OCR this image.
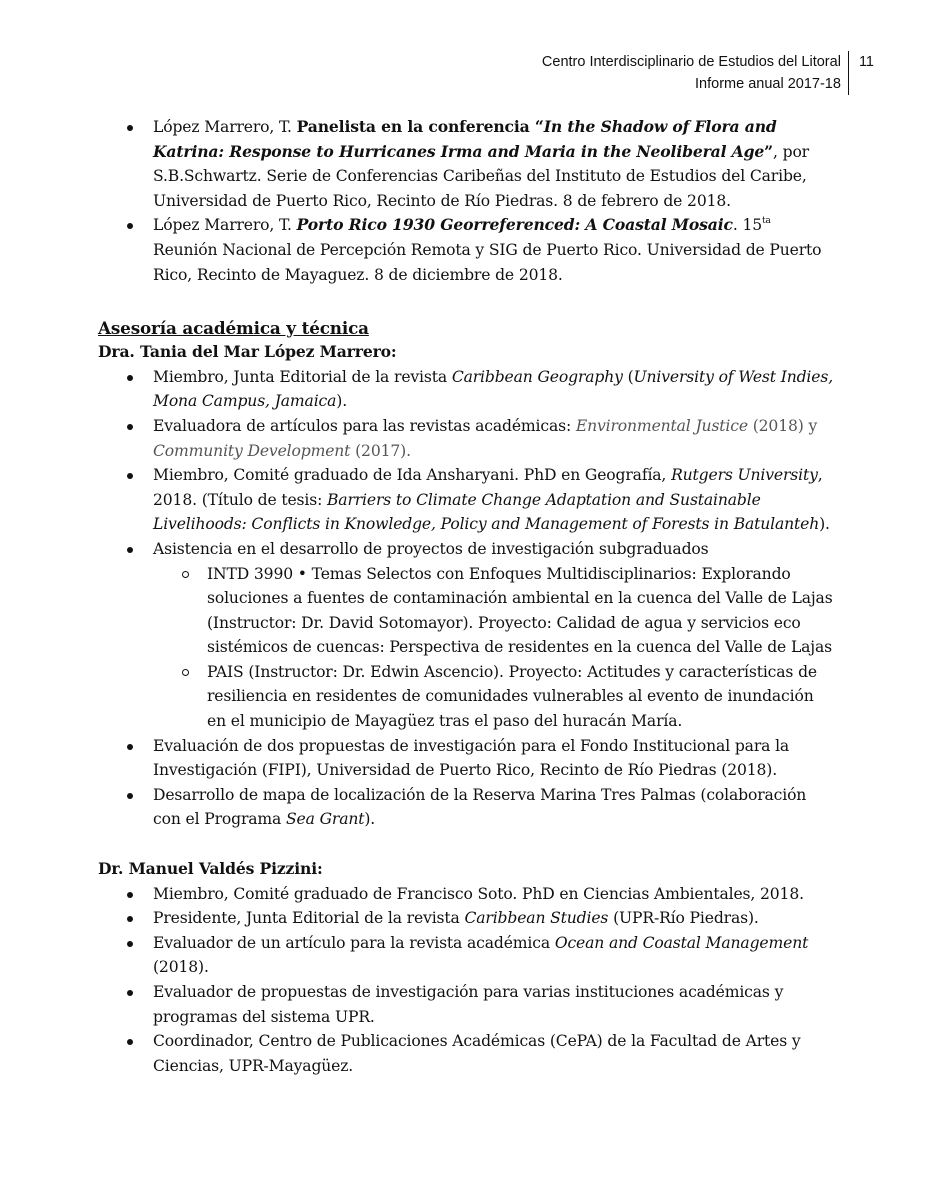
Centro Interdisciplinario de Estudios del Litoral
Informe anual 2017-18
11
López Marrero, T. Panelista en la conferencia “In the Shadow of Flora and Katrina: Response to Hurricanes Irma and Maria in the Neoliberal Age”, por S.B.Schwartz. Serie de Conferencias Caribeñas del Instituto de Estudios del Caribe, Universidad de Puerto Rico, Recinto de Río Piedras. 8 de febrero de 2018.
López Marrero, T. Porto Rico 1930 Georreferenced: A Coastal Mosaic. $15^{ta}$ Reunión Nacional de Percepción Remota y SIG de Puerto Rico. Universidad de Puerto Rico, Recinto de Mayaguez. 8 de diciembre de 2018.
Asesoría académica y técnica
Dra. Tania del Mar López Marrero:
Miembro, Junta Editorial de la revista Caribbean Geography (University of West Indies, Mona Campus, Jamaica).
Evaluadora de artículos para las revistas académicas: Environmental Justice (2018) y Community Development (2017).
Miembro, Comité graduado de Ida Ansharyani. PhD en Geografía, Rutgers University, 2018. (Título de tesis: Barriers to Climate Change Adaptation and Sustainable Livelihoods: Conflicts in Knowledge, Policy and Management of Forests in Batulanteh).
Asistencia en el desarrollo de proyectos de investigación subgraduados
INTD 3990 • Temas Selectos con Enfoques Multidisciplinarios: Explorando soluciones a fuentes de contaminación ambiental en la cuenca del Valle de Lajas (Instructor: Dr. David Sotomayor). Proyecto: Calidad de agua y servicios eco sistémicos de cuencas: Perspectiva de residentes en la cuenca del Valle de Lajas
PAIS (Instructor: Dr. Edwin Ascencio). Proyecto: Actitudes y características de resiliencia en residentes de comunidades vulnerables al evento de inundación en el municipio de Mayagüez tras el paso del huracán María.
Evaluación de dos propuestas de investigación para el Fondo Institucional para la Investigación (FIPI), Universidad de Puerto Rico, Recinto de Río Piedras (2018).
Desarrollo de mapa de localización de la Reserva Marina Tres Palmas (colaboración con el Programa Sea Grant).
Dr. Manuel Valdés Pizzini:
Miembro, Comité graduado de Francisco Soto. PhD en Ciencias Ambientales, 2018.
Presidente, Junta Editorial de la revista Caribbean Studies (UPR-Río Piedras).
Evaluador de un artículo para la revista académica Ocean and Coastal Management (2018).
Evaluador de propuestas de investigación para varias instituciones académicas y programas del sistema UPR.
Coordinador, Centro de Publicaciones Académicas (CePA) de la Facultad de Artes y Ciencias, UPR-Mayagüez.
